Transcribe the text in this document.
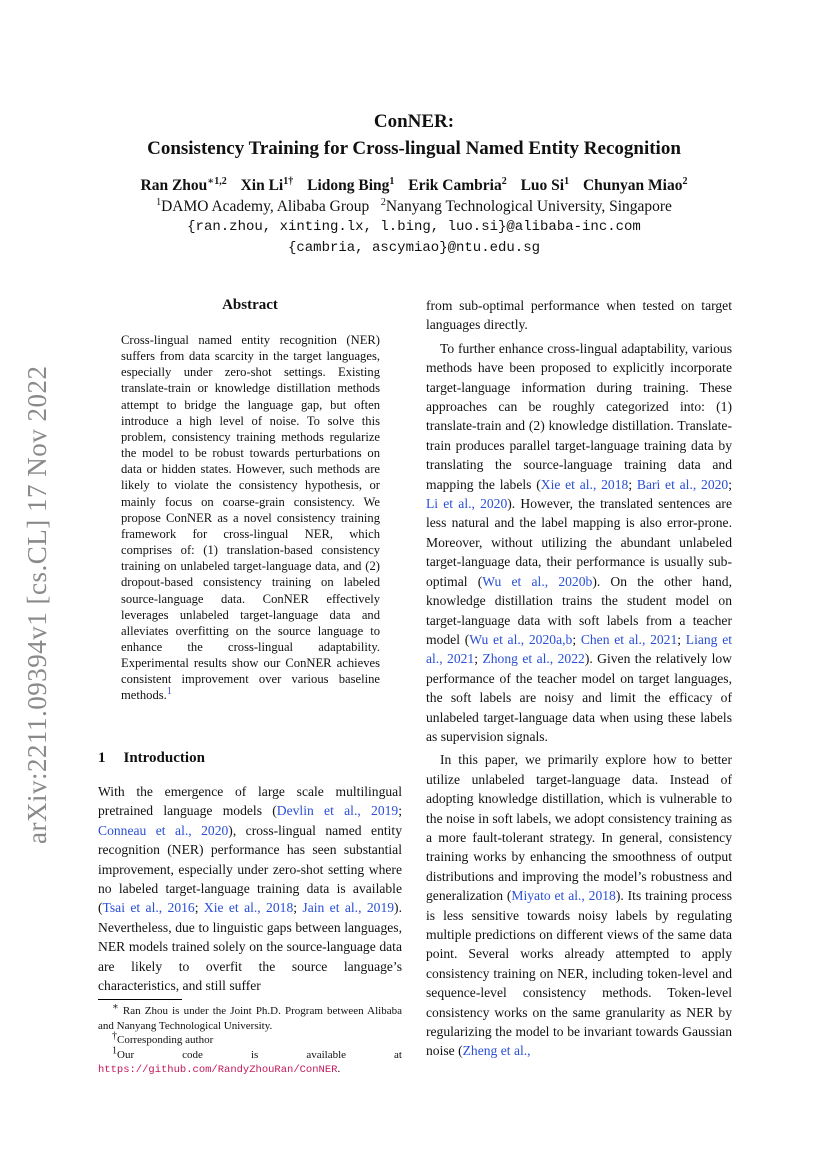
arXiv:2211.09394v1 [cs.CL] 17 Nov 2022
ConNER:
Consistency Training for Cross-lingual Named Entity Recognition
Ran Zhou$^{∗1,2}$ Xin $Li^{1\dagger}$ Lidong Bing$^1$ Erik Cambria$^2$ Luo Si$^1$ Chunyan Miao$^2$
$^1$DAMO Academy, Alibaba Group $^2$Nanyang Technological University, Singapore
{ran.zhou, xinting.lx, l.bing, luo.si}@alibaba-inc.com
{cambria, ascymiao}@ntu.edu.sg
Abstract
Cross-lingual named entity recognition (NER) suffers from data scarcity in the target languages, especially under zero-shot settings. Existing translate-train or knowledge distillation methods attempt to bridge the language gap, but often introduce a high level of noise. To solve this problem, consistency training methods regularize the model to be robust towards perturbations on data or hidden states. However, such methods are likely to violate the consistency hypothesis, or mainly focus on coarse-grain consistency. We propose ConNER as a novel consistency training framework for cross-lingual NER, which comprises of: (1) translation-based consistency training on unlabeled target-language data, and (2) dropout-based consistency training on labeled source-language data. ConNER effectively leverages unlabeled target-language data and alleviates overfitting on the source language to enhance the cross-lingual adaptability. Experimental results show our ConNER achieves consistent improvement over various baseline methods.$^1$
1 Introduction

With the emergence of large scale multilingual pretrained language models (Devlin et al., 2019; Conneau et al., 2020), cross-lingual named entity recognition (NER) performance has seen substantial improvement, especially under zero-shot setting where no labeled target-language training data is available (Tsai et al., 2016; Xie et al., 2018; Jain et al., 2019). Nevertheless, due to linguistic gaps between languages, NER models trained solely on the source-language data are likely to overfit the source language’s characteristics, and still suffer

∗ Ran Zhou is under the Joint Ph.D. Program between Alibaba and Nanyang Technological University.

†Corresponding author

$^1$Our code is available at https://github.com/RandyZhouRan/ConNER.

from sub-optimal performance when tested on target languages directly.

To further enhance cross-lingual adaptability, various methods have been proposed to explicitly incorporate target-language information during training. These approaches can be roughly categorized into: (1) translate-train and (2) knowledge distillation. Translate-train produces parallel target-language training data by translating the source-language training data and mapping the labels (Xie et al., 2018; Bari et al., 2020; Li et al., 2020). However, the translated sentences are less natural and the label mapping is also error-prone. Moreover, without utilizing the abundant unlabeled target-language data, their performance is usually sub-optimal (Wu et al., 2020b). On the other hand, knowledge distillation trains the student model on target-language data with soft labels from a teacher model (Wu et al., 2020a,b; Chen et al., 2021; Liang et al., 2021; Zhong et al., 2022). Given the relatively low performance of the teacher model on target languages, the soft labels are noisy and limit the efficacy of unlabeled target-language data when using these labels as supervision signals.

In this paper, we primarily explore how to better utilize unlabeled target-language data. Instead of adopting knowledge distillation, which is vulnerable to the noise in soft labels, we adopt consistency training as a more fault-tolerant strategy. In general, consistency training works by enhancing the smoothness of output distributions and improving the model’s robustness and generalization (Miyato et al., 2018). Its training process is less sensitive towards noisy labels by regulating multiple predictions on different views of the same data point. Several works already attempted to apply consistency training on NER, including token-level and sequence-level consistency methods. Token-level consistency works on the same granularity as NER by regularizing the model to be invariant towards Gaussian noise (Zheng et al.,
